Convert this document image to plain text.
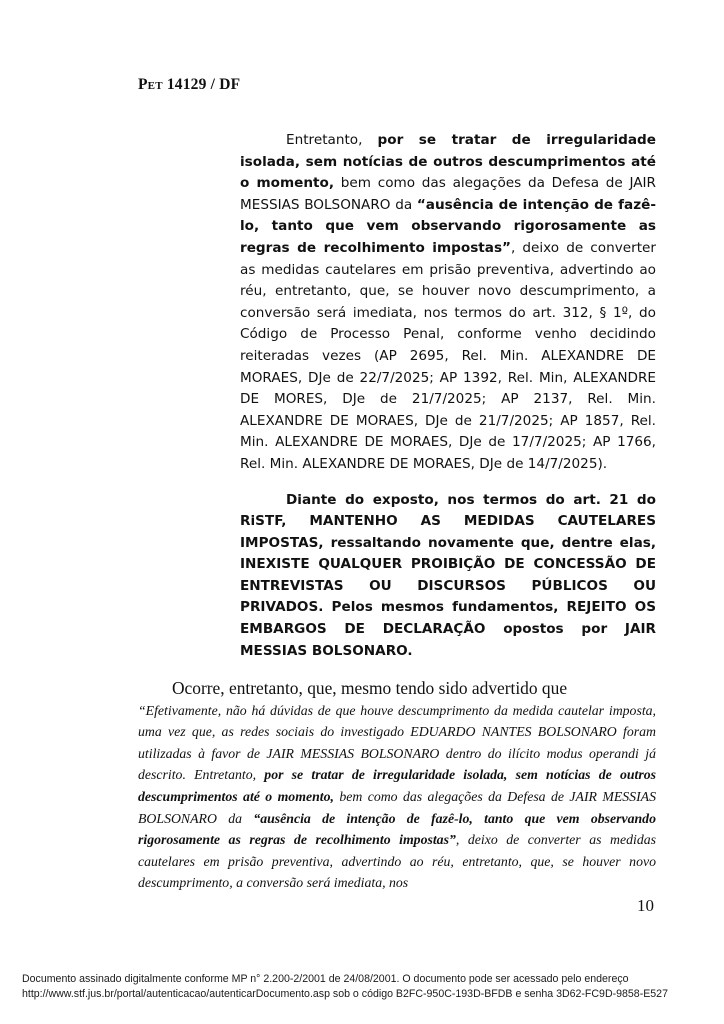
Pet 14129 / DF

Entretanto, por se tratar de irregularidade isolada, sem notícias de outros descumprimentos até o momento, bem como das alegações da Defesa de JAIR MESSIAS BOLSONARO da “ausência de intenção de fazê-lo, tanto que vem observando rigorosamente as regras de recolhimento impostas”, deixo de converter as medidas cautelares em prisão preventiva, advertindo ao réu, entretanto, que, se houver novo descumprimento, a conversão será imediata, nos termos do art. 312, § 1º, do Código de Processo Penal, conforme venho decidindo reiteradas vezes (AP 2695, Rel. Min. ALEXANDRE DE MORAES, DJe de 22/7/2025; AP 1392, Rel. Min, ALEXANDRE DE MORES, DJe de 21/7/2025; AP 2137, Rel. Min. ALEXANDRE DE MORAES, DJe de 21/7/2025; AP 1857, Rel. Min. ALEXANDRE DE MORAES, DJe de 17/7/2025; AP 1766, Rel. Min. ALEXANDRE DE MORAES, DJe de 14/7/2025).

Diante do exposto, nos termos do art. 21 do RiSTF, MANTENHO AS MEDIDAS CAUTELARES IMPOSTAS, ressaltando novamente que, dentre elas, INEXISTE QUALQUER PROIBIÇÃO DE CONCESSÃO DE ENTREVISTAS OU DISCURSOS PÚBLICOS OU PRIVADOS. Pelos mesmos fundamentos, REJEITO OS EMBARGOS DE DECLARAÇÃO opostos por JAIR MESSIAS BOLSONARO.

Ocorre, entretanto, que, mesmo tendo sido advertido que

“Efetivamente, não há dúvidas de que houve descumprimento da medida cautelar imposta, uma vez que, as redes sociais do investigado EDUARDO NANTES BOLSONARO foram utilizadas à favor de JAIR MESSIAS BOLSONARO dentro do ilícito modus operandi já descrito. Entretanto, por se tratar de irregularidade isolada, sem notícias de outros descumprimentos até o momento, bem como das alegações da Defesa de JAIR MESSIAS BOLSONARO da “ausência de intenção de fazê-lo, tanto que vem observando rigorosamente as regras de recolhimento impostas”, deixo de converter as medidas cautelares em prisão preventiva, advertindo ao réu, entretanto, que, se houver novo descumprimento, a conversão será imediata, nos

10
Documento assinado digitalmente conforme MP n° 2.200-2/2001 de 24/08/2001. O documento pode ser acessado pelo endereço
http://www.stf.jus.br/portal/autenticacao/autenticarDocumento.asp sob o código B2FC-950C-193D-BFDB e senha 3D62-FC9D-9858-E527
